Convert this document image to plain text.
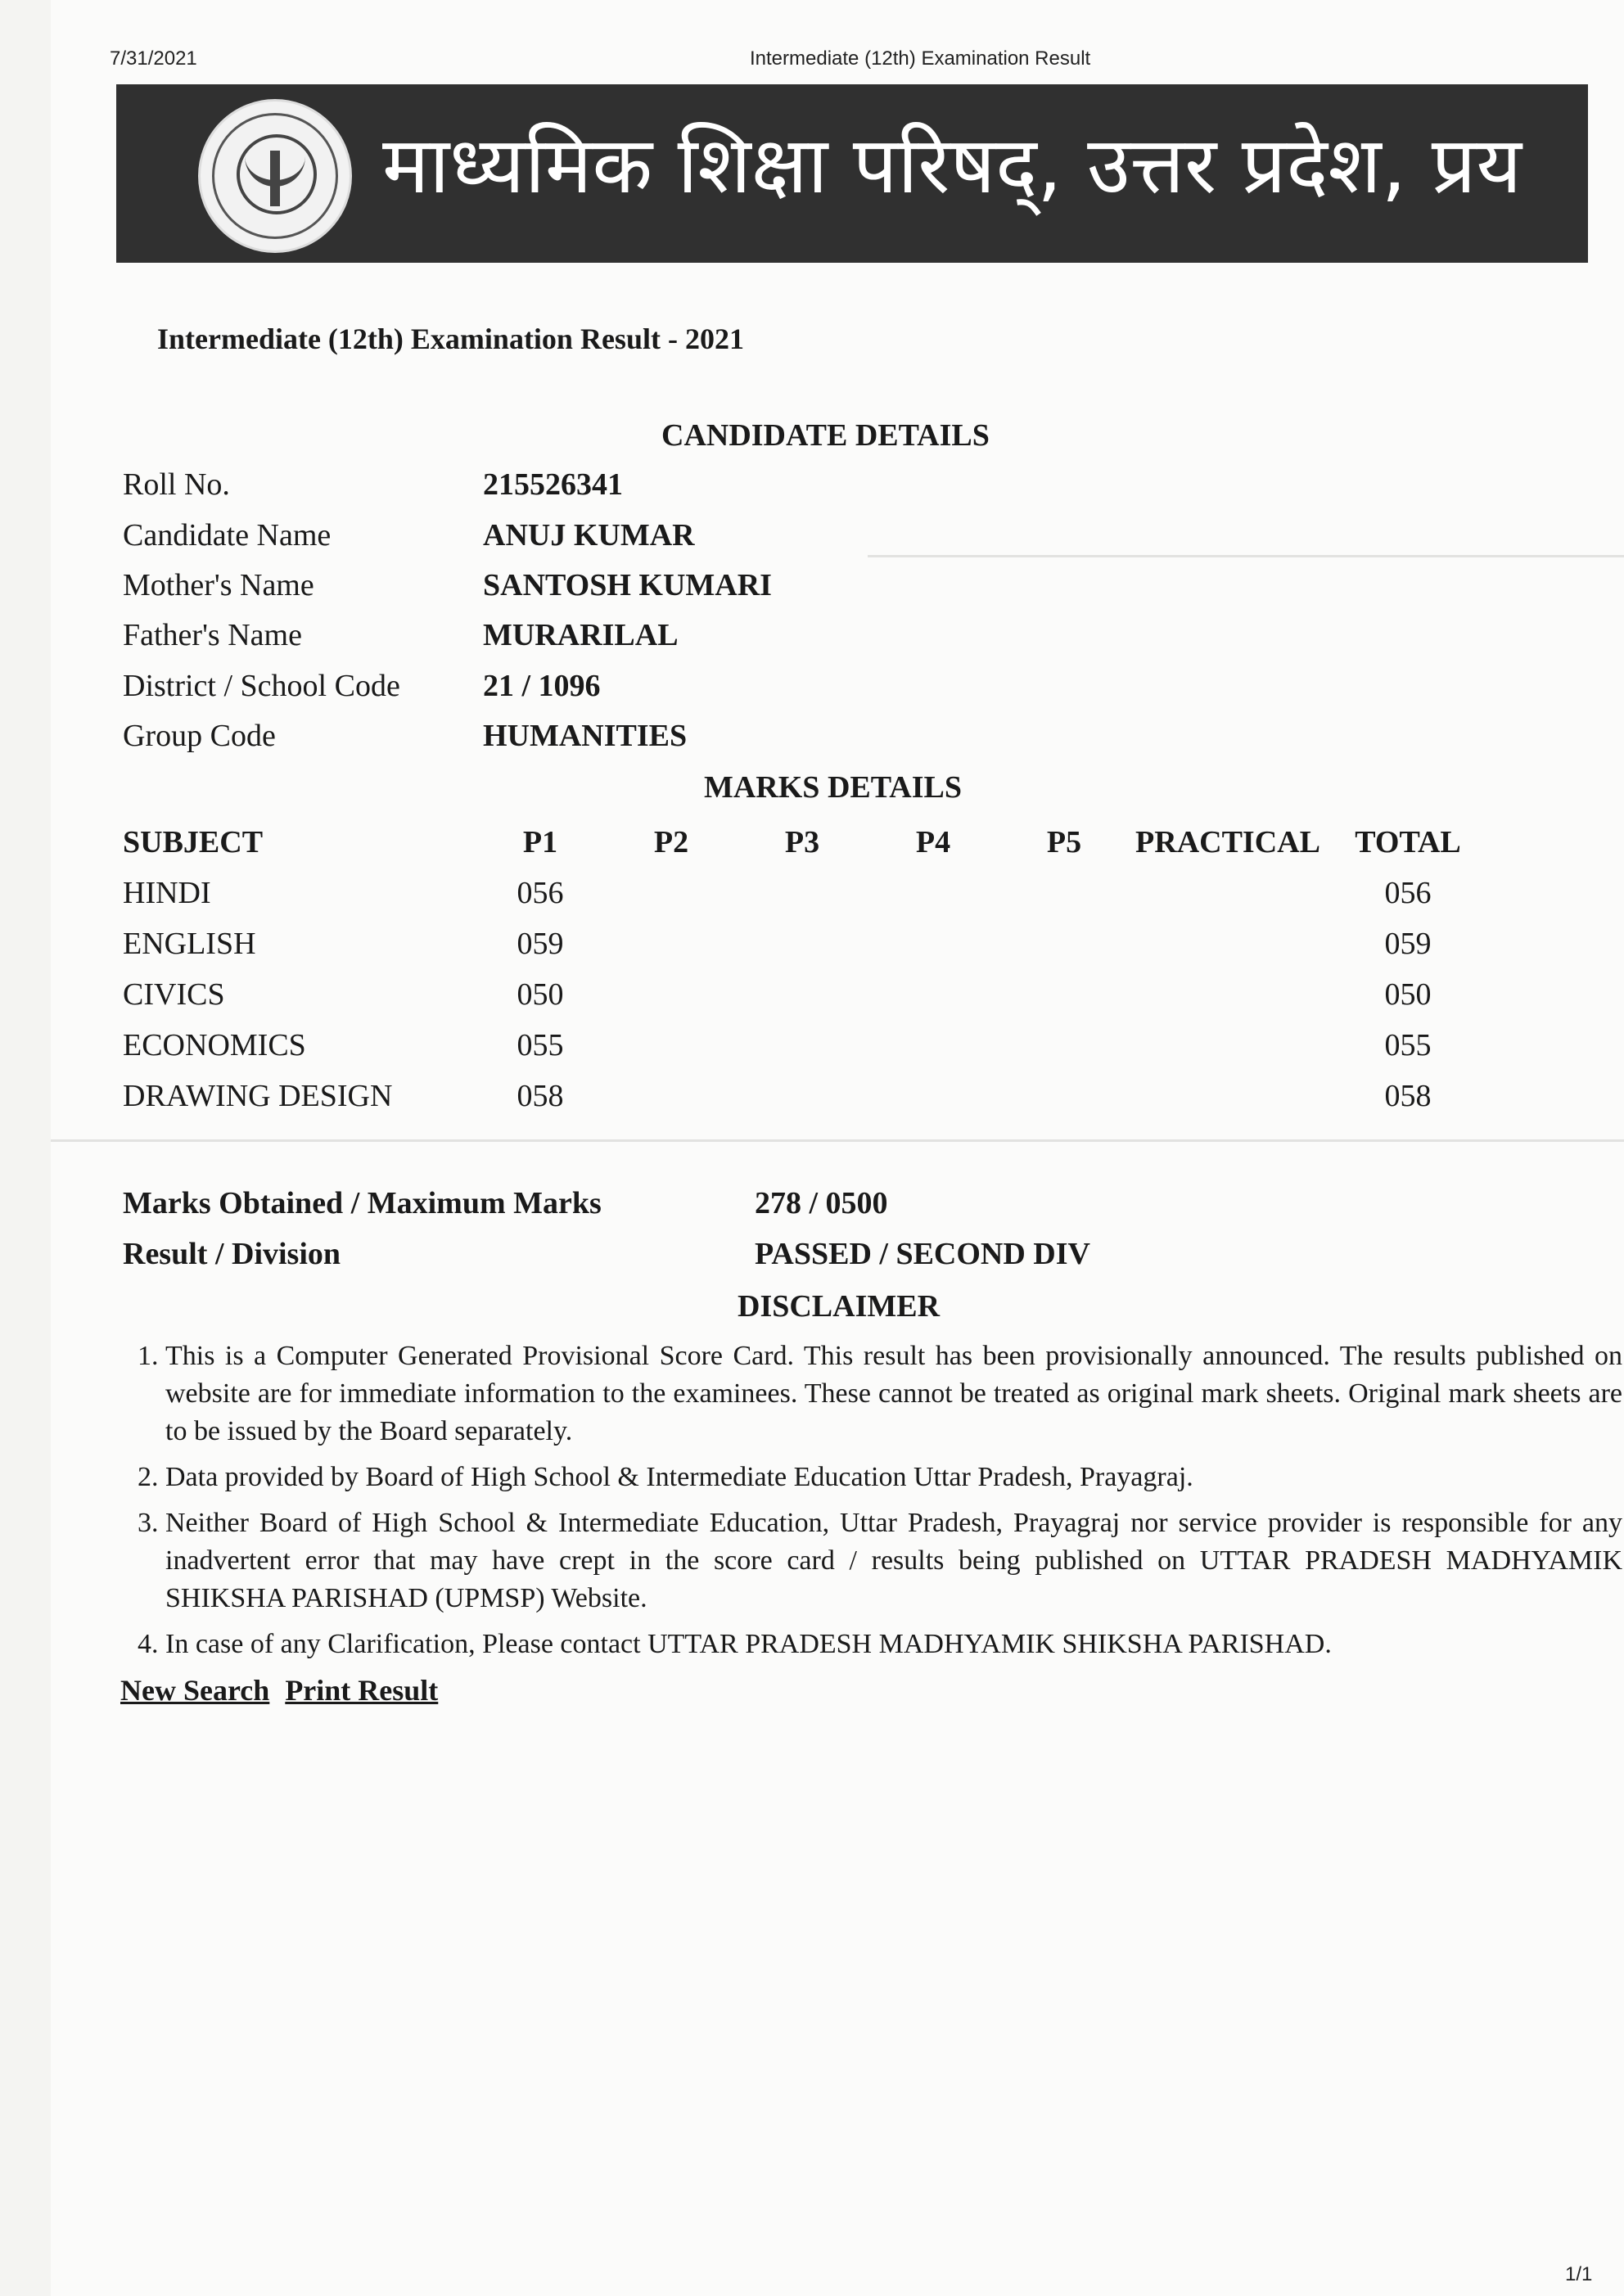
7/31/2021	Intermediate (12th) Examination Result
1/1
माध्यमिक शिक्षा परिषद्, उत्तर प्रदेश, प्रय
Intermediate (12th) Examination Result - 2021
CANDIDATE DETAILS
Roll No.	215526341
Candidate Name	ANUJ KUMAR
Mother's Name	SANTOSH KUMARI
Father's Name	MURARILAL
District / School Code	21 / 1096
Group Code	HUMANITIES
MARKS DETAILS
SUBJECT	P1	P2	P3	P4	P5	PRACTICAL	TOTAL
HINDI	056						056
ENGLISH	059						059
CIVICS	050						050
ECONOMICS	055						055
DRAWING DESIGN	058						058
Marks Obtained / Maximum Marks	278 / 0500
Result / Division	PASSED / SECOND DIV
DISCLAIMER
1. This is a Computer Generated Provisional Score Card. This result has been provisionally announced. The results published on website are for immediate information to the examinees. These cannot be treated as original mark sheets. Original mark sheets are to be issued by the Board separately.
2. Data provided by Board of High School & Intermediate Education Uttar Pradesh, Prayagraj.
3. Neither Board of High School & Intermediate Education, Uttar Pradesh, Prayagraj nor service provider is responsible for any inadvertent error that may have crept in the score card / results being published on UTTAR PRADESH MADHYAMIK SHIKSHA PARISHAD (UPMSP) Website.
4. In case of any Clarification, Please contact UTTAR PRADESH MADHYAMIK SHIKSHA PARISHAD.
New Search Print Result
